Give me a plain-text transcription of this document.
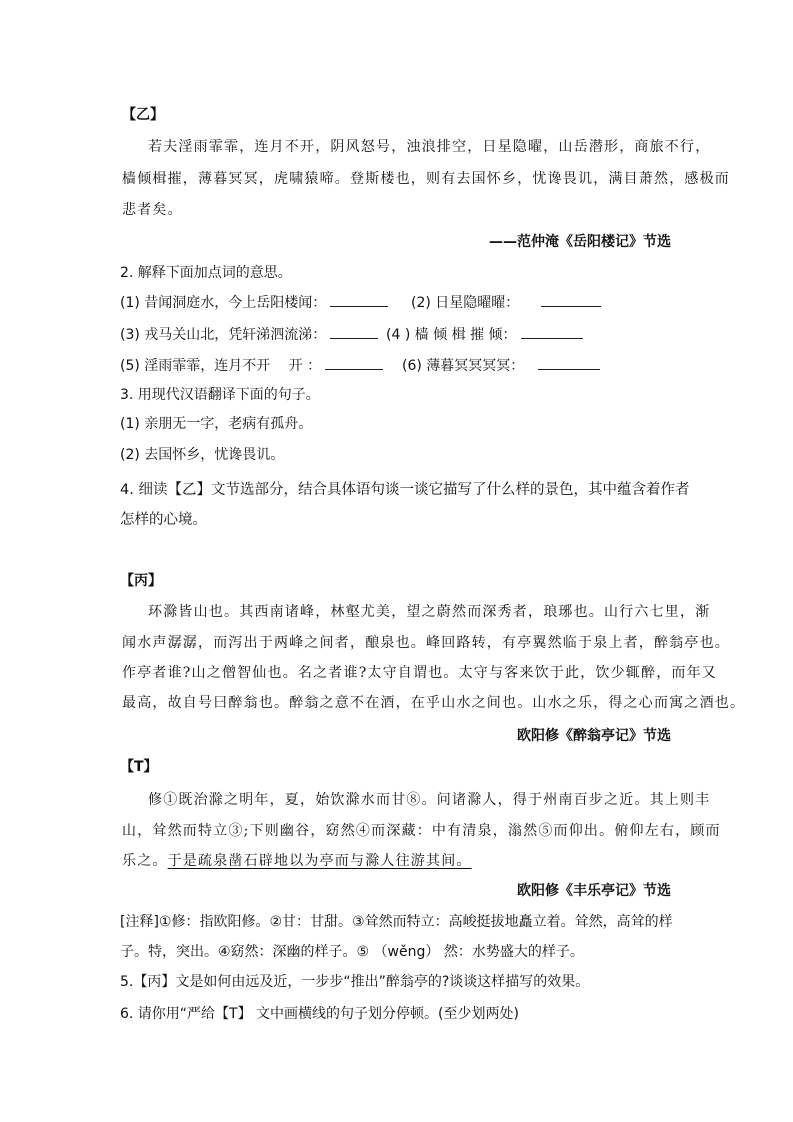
【乙】
若夫淫雨霏霏，连月不开，阴风怒号，浊浪排空，日星隐曜，山岳潜形，商旅不行，
樯倾楫摧，薄暮冥冥，虎啸猿啼。登斯楼也，则有去国怀乡，忧谗畏讥，满目萧然，感极而
悲者矣。
——范仲淹《岳阳楼记》节选
2. 解释下面加点词的意思。
(1) 昔闻洞庭水，今上岳阳楼闻：	(2) 日星隐曜曜：
(3) 戎马关山北，凭轩涕泗流涕：	(4 ) 樯 倾 楫 摧 倾：
(5) 淫雨霏霏，连月不开　 开 ：	(6) 薄暮冥冥冥冥：
3. 用现代汉语翻译下面的句子。
(1) 亲朋无一字，老病有孤舟。
(2) 去国怀乡，忧谗畏讥。
4. 细读【乙】文节选部分，结合具体语句谈一谈它描写了什么样的景色，其中蕴含着作者
怎样的心境。
【丙】
环滁皆山也。其西南诸峰，林壑尤美，望之蔚然而深秀者，琅琊也。山行六七里，渐
闻水声潺潺，而泻出于两峰之间者，酿泉也。峰回路转，有亭翼然临于泉上者，醉翁亭也。
作亭者谁?山之僧智仙也。名之者谁?太守自谓也。太守与客来饮于此，饮少辄醉，而年又
最高，故自号曰醉翁也。醉翁之意不在酒，在乎山水之间也。山水之乐，得之心而寓之酒也。
欧阳修《醉翁亭记》节选
【T】
修①既治滁之明年，夏，始饮滁水而甘⑧。问诸滁人，得于州南百步之近。其上则丰
山，耸然而特立③;下则幽谷，窈然④而深藏：中有清泉，滃然⑤而仰出。俯仰左右，顾而
乐之。于是疏泉凿石辟地以为亭而与滁人往游其间。
欧阳修《丰乐亭记》节选
[注释]①修：指欧阳修。②甘：甘甜。③耸然而特立：高峻挺拔地矗立着。耸然，高耸的样
子。特，突出。④窈然：深幽的样子。⑤ （wěng） 然：水势盛大的样子。
5.【丙】文是如何由远及近，一步步“推出”醉翁亭的?谈谈这样描写的效果。
6. 请你用“严给【T】 文中画横线的句子划分停顿。(至少划两处)
